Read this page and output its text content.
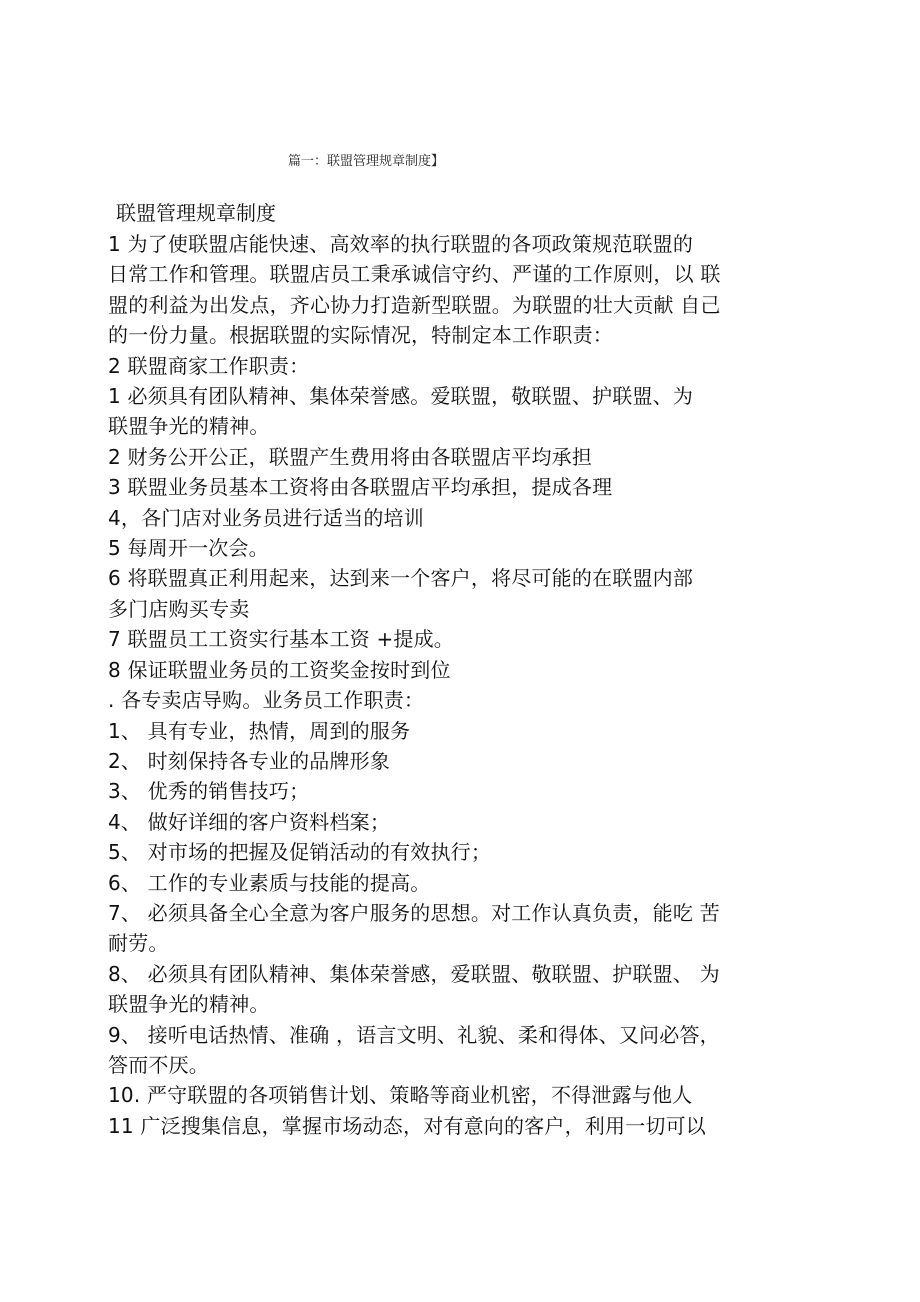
篇一：联盟管理规章制度】
联盟管理规章制度
1 为了使联盟店能快速、高效率的执行联盟的各项政策规范联盟的
日常工作和管理。联盟店员工秉承诚信守约、严谨的工作原则，以 联
盟的利益为出发点，齐心协力打造新型联盟。为联盟的壮大贡献 自己
的一份力量。根据联盟的实际情况，特制定本工作职责：
2 联盟商家工作职责：
1 必须具有团队精神、集体荣誉感。爱联盟，敬联盟、护联盟、为
联盟争光的精神。
2 财务公开公正，联盟产生费用将由各联盟店平均承担
3 联盟业务员基本工资将由各联盟店平均承担，提成各理
4，各门店对业务员进行适当的培训
5 每周开一次会。
6 将联盟真正利用起来，达到来一个客户，将尽可能的在联盟内部
多门店购买专卖
7 联盟员工工资实行基本工资 +提成。
8 保证联盟业务员的工资奖金按时到位
. 各专卖店导购。业务员工作职责：
1、 具有专业，热情，周到的服务
2、 时刻保持各专业的品牌形象
3、 优秀的销售技巧；
4、 做好详细的客户资料档案；
5、 对市场的把握及促销活动的有效执行；
6、 工作的专业素质与技能的提高。
7、 必须具备全心全意为客户服务的思想。对工作认真负责，能吃 苦
耐劳。
8、 必须具有团队精神、集体荣誉感，爱联盟、敬联盟、护联盟、 为
联盟争光的精神。
9、 接听电话热情、准确 ，语言文明、礼貌、柔和得体、又问必答，
答而不厌。
10. 严守联盟的各项销售计划、策略等商业机密，不得泄露与他人
11 广泛搜集信息，掌握市场动态，对有意向的客户，利用一切可以
